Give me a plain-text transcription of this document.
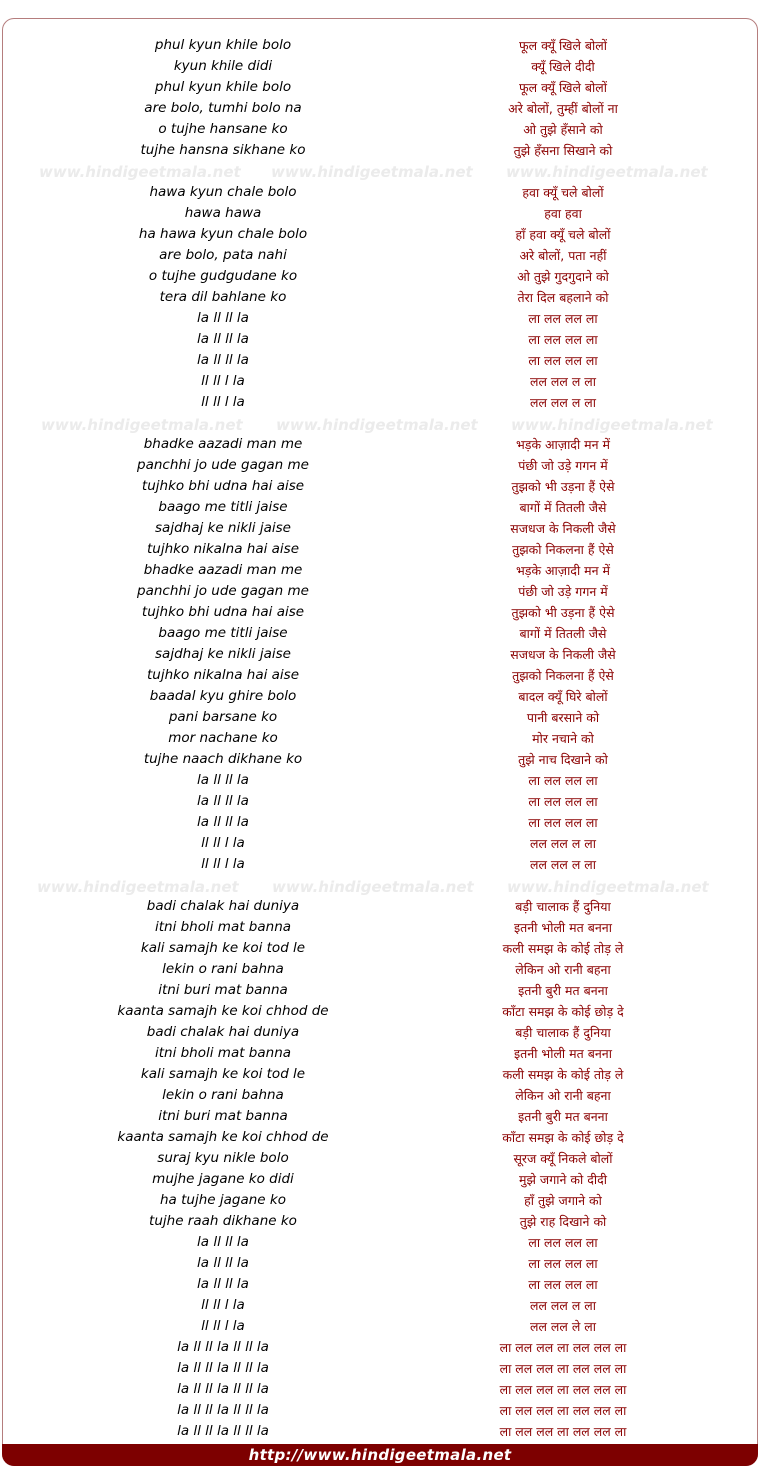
www.hindigeetmala.net www.hindigeetmala.net www.hindigeetmala.net
www.hindigeetmala.net www.hindigeetmala.net www.hindigeetmala.net
www.hindigeetmala.net www.hindigeetmala.net www.hindigeetmala.net
phul kyun khile bolo	फूल क्यूँ खिले बोलों
kyun khile didi	क्यूँ खिले दीदी
phul kyun khile bolo	फूल क्यूँ खिले बोलों
are bolo, tumhi bolo na	अरे बोलों, तुम्हीं बोलों ना
o tujhe hansane ko	ओ तुझे हँसाने को
tujhe hansna sikhane ko	तुझे हँसना सिखाने को
hawa kyun chale bolo	हवा क्यूँ चले बोलों
hawa hawa	हवा हवा
ha hawa kyun chale bolo	हाँ हवा क्यूँ चले बोलों
are bolo, pata nahi	अरे बोलों, पता नहीं
o tujhe gudgudane ko	ओ तुझे गुदगुदाने को
tera dil bahlane ko	तेरा दिल बहलाने को
la ll ll la	ला लल लल ला
la ll ll la	ला लल लल ला
la ll ll la	ला लल लल ला
ll ll l la	लल लल ल ला
ll ll l la	लल लल ल ला
bhadke aazadi man me	भड़के आज़ादी मन में
panchhi jo ude gagan me	पंछी जो उड़े गगन में
tujhko bhi udna hai aise	तुझको भी उड़ना हैं ऐसे
baago me titli jaise	बागों में तितली जैसे
sajdhaj ke nikli jaise	सजधज के निकली जैसे
tujhko nikalna hai aise	तुझको निकलना हैं ऐसे
bhadke aazadi man me	भड़के आज़ादी मन में
panchhi jo ude gagan me	पंछी जो उड़े गगन में
tujhko bhi udna hai aise	तुझको भी उड़ना हैं ऐसे
baago me titli jaise	बागों में तितली जैसे
sajdhaj ke nikli jaise	सजधज के निकली जैसे
tujhko nikalna hai aise	तुझको निकलना हैं ऐसे
baadal kyu ghire bolo	बादल क्यूँ घिरे बोलों
pani barsane ko	पानी बरसाने को
mor nachane ko	मोर नचाने को
tujhe naach dikhane ko	तुझे नाच दिखाने को
la ll ll la	ला लल लल ला
la ll ll la	ला लल लल ला
la ll ll la	ला लल लल ला
ll ll l la	लल लल ल ला
ll ll l la	लल लल ल ला
badi chalak hai duniya	बड़ी चालाक हैं दुनिया
itni bholi mat banna	इतनी भोली मत बनना
kali samajh ke koi tod le	कली समझ के कोई तोड़ ले
lekin o rani bahna	लेकिन ओ रानी बहना
itni buri mat banna	इतनी बुरी मत बनना
kaanta samajh ke koi chhod de	काँटा समझ के कोई छोड़ दे
badi chalak hai duniya	बड़ी चालाक हैं दुनिया
itni bholi mat banna	इतनी भोली मत बनना
kali samajh ke koi tod le	कली समझ के कोई तोड़ ले
lekin o rani bahna	लेकिन ओ रानी बहना
itni buri mat banna	इतनी बुरी मत बनना
kaanta samajh ke koi chhod de	काँटा समझ के कोई छोड़ दे
suraj kyu nikle bolo	सूरज क्यूँ निकले बोलों
mujhe jagane ko didi	मुझे जगाने को दीदी
ha tujhe jagane ko	हाँ तुझे जगाने को
tujhe raah dikhane ko	तुझे राह दिखाने को
la ll ll la	ला लल लल ला
la ll ll la	ला लल लल ला
la ll ll la	ला लल लल ला
ll ll l la	लल लल ल ला
ll ll l la	लल लल ले ला
la ll ll la ll ll la	ला लल लल ला लल लल ला
la ll ll la ll ll la	ला लल लल ला लल लल ला
la ll ll la ll ll la	ला लल लल ला लल लल ला
la ll ll la ll ll la	ला लल लल ला लल लल ला
la ll ll la ll ll la	ला लल लल ला लल लल ला
http://www.hindigeetmala.net
